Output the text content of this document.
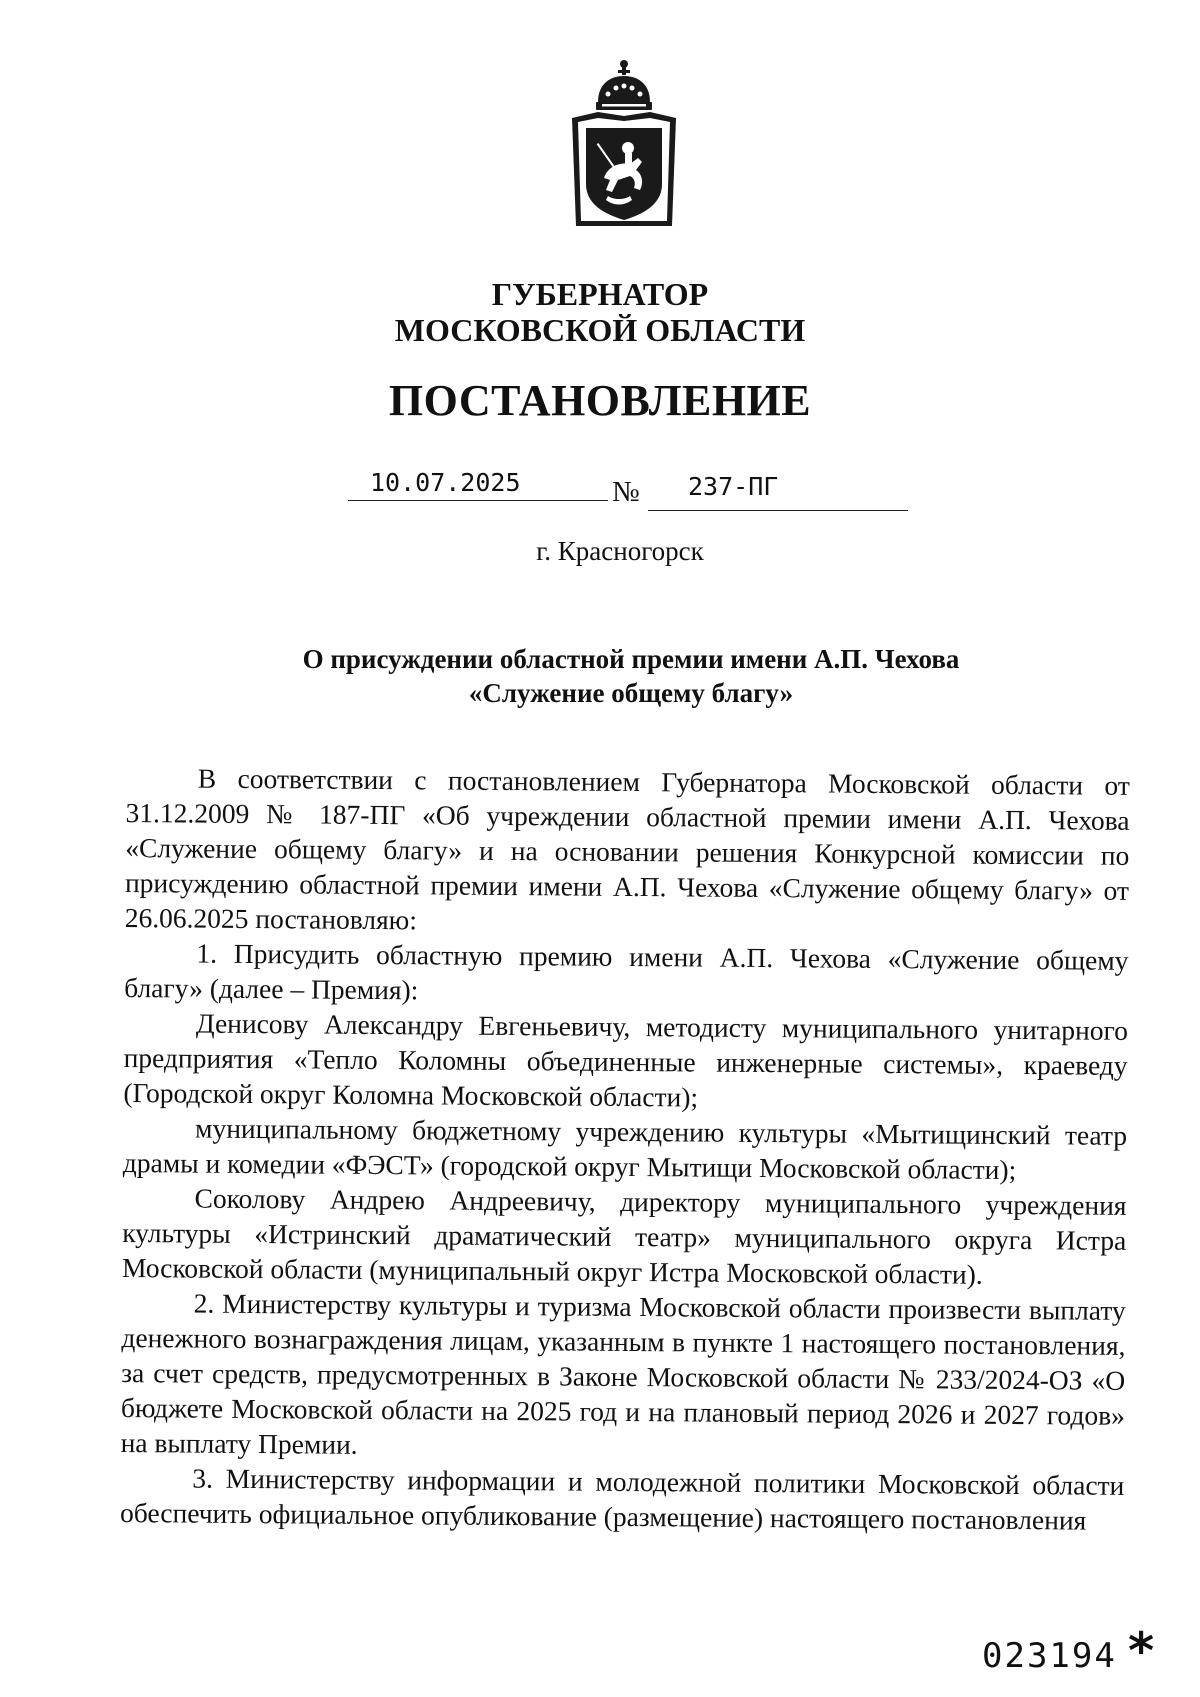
ГУБЕРНАТОР
МОСКОВСКОЙ ОБЛАСТИ
ПОСТАНОВЛЕНИЕ
10.07.2025	№ 237-ПГ
г. Красногорск
О присуждении областной премии имени А.П. Чехова
«Служение общему благу»

В соответствии с постановлением Губернатора Московской области от 31.12.2009 № 187-ПГ «Об учреждении областной премии имени А.П. Чехова «Служение общему благу» и на основании решения Конкурсной комиссии по присуждению областной премии имени А.П. Чехова «Служение общему благу» от 26.06.2025 постановляю:

1. Присудить областную премию имени А.П. Чехова «Служение общему благу» (далее – Премия):

Денисову Александру Евгеньевичу, методисту муниципального унитарного предприятия «Тепло Коломны объединенные инженерные системы», краеведу (Городской округ Коломна Московской области);

муниципальному бюджетному учреждению культуры «Мытищинский театр драмы и комедии «ФЭСТ» (городской округ Мытищи Московской области);

Соколову Андрею Андреевичу, директору муниципального учреждения культуры «Истринский драматический театр» муниципального округа Истра Московской области (муниципальный округ Истра Московской области).

2. Министерству культуры и туризма Московской области произвести выплату денежного вознаграждения лицам, указанным в пункте 1 настоящего постановления, за счет средств, предусмотренных в Законе Московской области № 233/2024-ОЗ «О бюджете Московской области на 2025 год и на плановый период 2026 и 2027 годов» на выплату Премии.

3. Министерству информации и молодежной политики Московской области обеспечить официальное опубликование (размещение) настоящего постановления

023194 *
